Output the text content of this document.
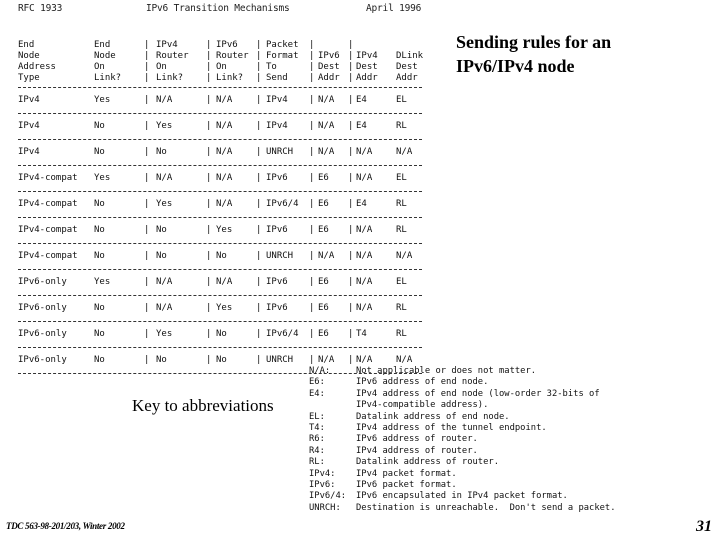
RFC 1933

	IPv6 Transition Mechanisms

	April 1996

End	End	| IPv4	| IPv6 | Packet |	|
Node	Node	| Router | Router | Format | IPv6 | IPv4 DLink
Address	On	| On	| On	| To	| Dest | Dest Dest
Type	Link?	| Link?	| Link? | Send | Addr | Addr Addr
IPv4	Yes	| N/A	| N/A	| IPv4 | N/A | E4	EL
IPv4	No	| Yes	| N/A	| IPv4 | N/A | E4	RL
IPv4	No	| No	| N/A	| UNRCH | N/A | N/A	N/A
IPv4-compat Yes	| N/A	| N/A	| IPv6 | E6 | N/A	EL
IPv4-compat No	| Yes	| N/A	| IPv6/4 | E6 | E4	RL
IPv4-compat No	| No	| Yes	| IPv6 | E6 | N/A	RL
IPv4-compat No	| No	| No	| UNRCH | N/A | N/A	N/A
IPv6-only	Yes	| N/A	| N/A	| IPv6 | E6 | N/A	EL
IPv6-only	No	| N/A	| Yes	| IPv6 | E6 | N/A	RL
IPv6-only	No	| Yes	| No	| IPv6/4 | E6 | T4	RL
IPv6-only	No	| No	| No	| UNRCH | N/A | N/A	N/A
Sending rules for an IPv6/IPv4 node
Key to abbreviations
N/A:	Not applicable or does not matter.
E6:	IPv6 address of end node.
E4:	IPv4 address of end node (low-order 32-bits of
IPv4-compatible address).
EL:	Datalink address of end node.
T4:	IPv4 address of the tunnel endpoint.
R6:	IPv6 address of router.
R4:	IPv4 address of router.
RL:	Datalink address of router.
IPv4: IPv4 packet format.
IPv6: IPv6 packet format.
IPv6/4: IPv6 encapsulated in IPv4 packet format.
UNRCH: Destination is unreachable.  Don't send a packet.
TDC 563-98-201/203, Winter 2002	31
